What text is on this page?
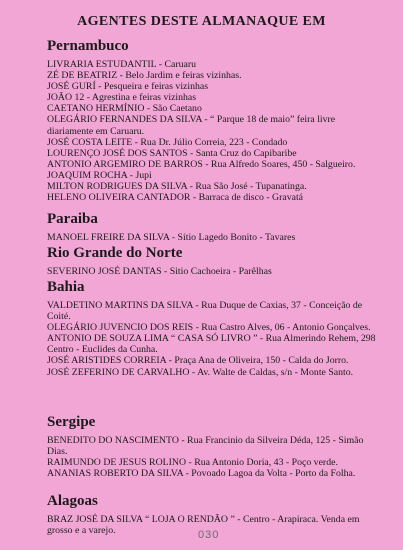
AGENTES DESTE ALMANAQUE EM
Pernambuco
LIVRARIA ESTUDANTIL - Caruaru
ZÉ DE BEATRIZ - Belo Jardim e feiras vizinhas.
JOSÉ GURÍ - Pesqueira e feiras vizinhas
JOÃO 12 - Agrestina e feiras vizinhas
CAETANO HERMÍNIO - São Caetano
OLEGÁRIO FERNANDES DA SILVA - “ Parque 18 de maio” feira livre diariamente em Caruaru.
JOSÉ COSTA LEITE - Rua Dr. Júlio Correia, 223 - Condado
LOURENÇO JOSÉ DOS SANTOS - Santa Cruz do Capibaribe
ANTONIO ARGEMIRO DE BARROS - Rua Alfredo Soares, 450 - Salgueiro.
JOAQUIM ROCHA - Jupi
MILTON RODRIGUES DA SILVA - Rua São José - Tupanatinga.
HELENO OLIVEIRA CANTADOR - Barraca de disco - Gravatá
Paraiba
MANOEL FREIRE DA SILVA - Sítio Lagedo Bonito - Tavares
Rio Grande do Norte
SEVERINO JOSÉ DANTAS - Sitio Cachoeira - Parêlhas
Bahia
VALDETINO MARTINS DA SILVA - Rua Duque de Caxias, 37 - Conceição de Coité.
OLEGÁRIO JUVENCIO DOS REIS - Rua Castro Alves, 06 - Antonio Gonçalves.
ANTONIO DE SOUZA LIMA “ CASA SÓ LIVRO ” - Rua Almerindo Rehem, 298 Centro - Euclides da Cunha.
JOSÉ ARISTIDES CORREIA - Praça Ana de Oliveira, 150 - Calda do Jorro.
JOSÉ ZEFERINO DE CARVALHO - Av. Walte de Caldas, s/n - Monte Santo.
Sergipe
BENEDITO DO NASCIMENTO - Rua Francinio da Silveira Déda, 125 - Simão Dias.
RAIMUNDO DE JESUS ROLINO - Rua Antonio Doria, 43 - Poço verde.
ANANIAS ROBERTO DA SILVA - Povoado Lagoa da Volta - Porto da Folha.
Alagoas
BRAZ JOSÉ DA SILVA “ LOJA O RENDÃO ” - Centro - Arapiraca. Venda em grosso e a varejo.	030
